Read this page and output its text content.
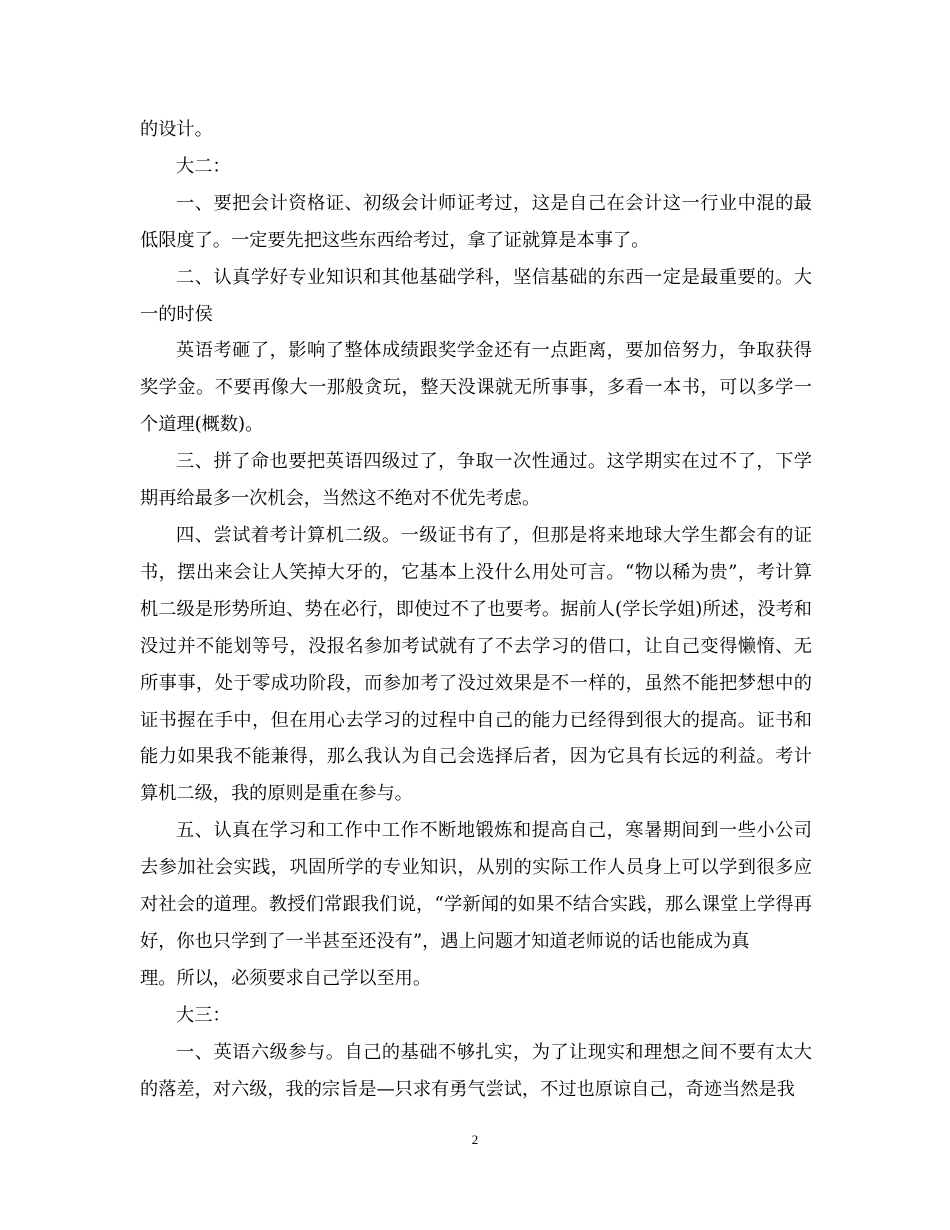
的设计。

大二：

一、要把会计资格证、初级会计师证考过，这是自己在会计这一行业中混的最低限度了。一定要先把这些东西给考过，拿了证就算是本事了。

二、认真学好专业知识和其他基础学科，坚信基础的东西一定是最重要的。大一的时侯

英语考砸了，影响了整体成绩跟奖学金还有一点距离，要加倍努力，争取获得奖学金。不要再像大一那般贪玩，整天没课就无所事事，多看一本书，可以多学一个道理(概数)。

三、拼了命也要把英语四级过了，争取一次性通过。这学期实在过不了，下学期再给最多一次机会，当然这不绝对不优先考虑。

四、尝试着考计算机二级。一级证书有了，但那是将来地球大学生都会有的证书，摆出来会让人笑掉大牙的，它基本上没什么用处可言。“物以稀为贵”，考计算机二级是形势所迫、势在必行，即使过不了也要考。据前人(学长学姐)所述，没考和没过并不能划等号，没报名参加考试就有了不去学习的借口，让自己变得懒惰、无所事事，处于零成功阶段，而参加考了没过效果是不一样的，虽然不能把梦想中的证书握在手中，但在用心去学习的过程中自己的能力已经得到很大的提高。证书和能力如果我不能兼得，那么我认为自己会选择后者，因为它具有长远的利益。考计算机二级，我的原则是重在参与。

五、认真在学习和工作中工作不断地锻炼和提高自己，寒暑期间到一些小公司去参加社会实践，巩固所学的专业知识，从别的实际工作人员身上可以学到很多应对社会的道理。教授们常跟我们说，“学新闻的如果不结合实践，那么课堂上学得再好，你也只学到了一半甚至还没有”，遇上问题才知道老师说的话也能成为真

理。所以，必须要求自己学以至用。

大三：

一、英语六级参与。自己的基础不够扎实，为了让现实和理想之间不要有太大的落差，对六级，我的宗旨是—只求有勇气尝试，不过也原谅自己，奇迹当然是我

2
